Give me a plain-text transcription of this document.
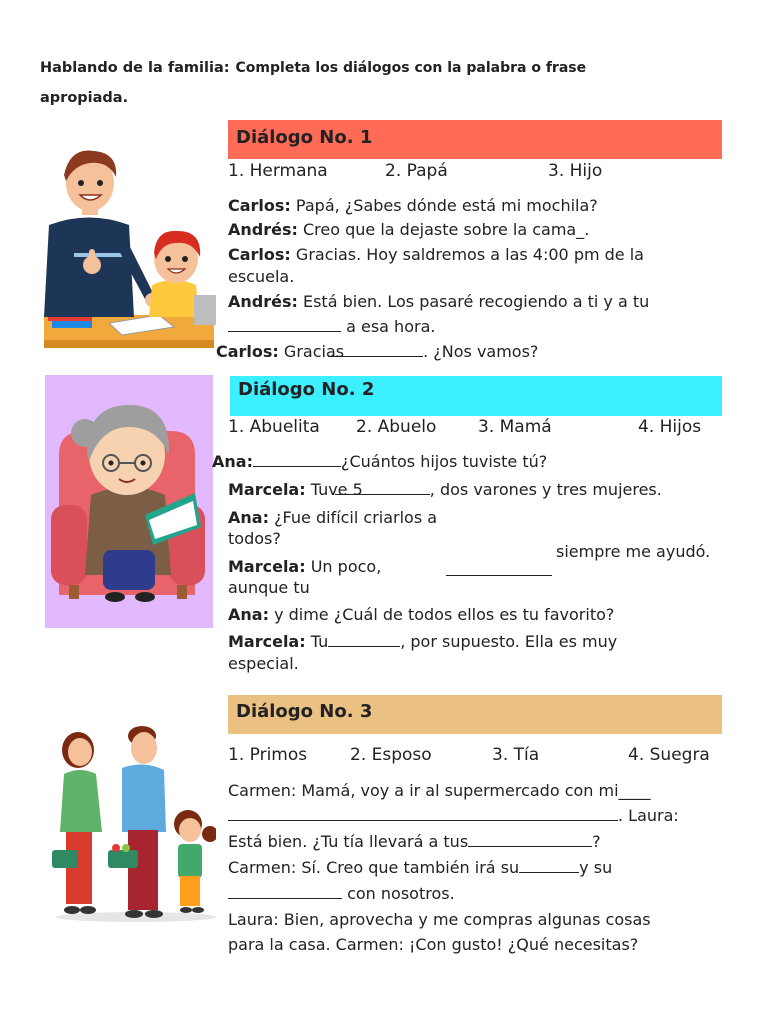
Hablando de la familia: Completa los diálogos con la palabra o frase
apropiada.
Diálogo No. 1
1. Hermana	2. Papá	3. Hijo
Carlos: Papá, ¿Sabes dónde está mi mochila?
Andrés: Creo que la dejaste sobre la cama_.
Carlos: Gracias. Hoy saldremos a las 4:00 pm de la
escuela.
Andrés: Está bien. Los pasaré recogiendo a ti y a tu
a esa hora.
Carlos: Gracias	. ¿Nos vamos?
Diálogo No. 2
1. Abuelita 2. Abuelo 3. Mamá	4. Hijos
Ana:	¿Cuántos hijos tuviste tú?
Marcela: Tuve 5	, dos varones y tres mujeres.
Ana: ¿Fue difícil criarlos a
todos?
siempre me ayudó.
Marcela: Un poco,
aunque tu
Ana: y dime ¿Cuál de todos ellos es tu favorito?
Marcela: Tu	, por supuesto. Ella es muy
especial.
Diálogo No. 3
1. Primos	2. Esposo	3. Tía	4. Suegra
Carmen: Mamá, voy a ir al supermercado con mi____
. Laura:
Está bien. ¿Tu tía llevará a tus	?
Carmen: Sí. Creo que también irá su	y su
con nosotros.
Laura: Bien, aprovecha y me compras algunas cosas
para la casa. Carmen: ¡Con gusto! ¿Qué necesitas?
